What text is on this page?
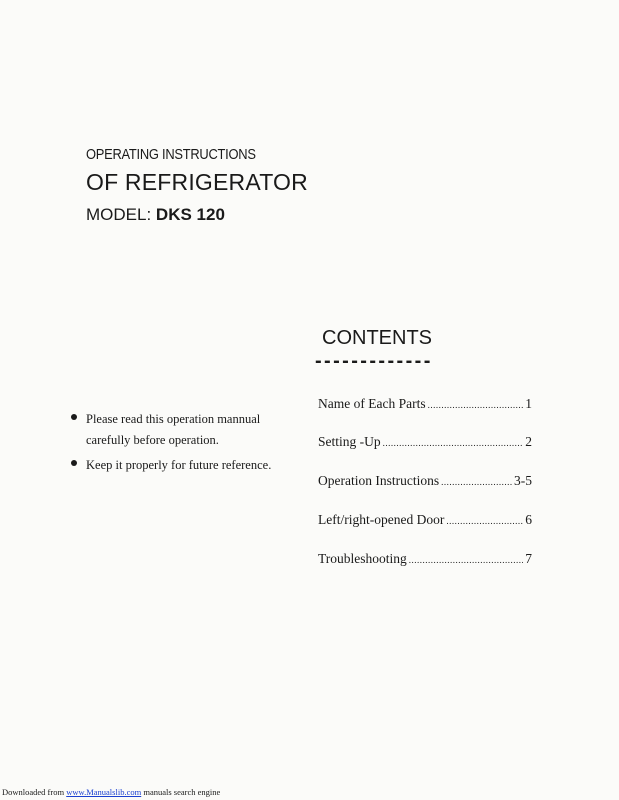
OPERATING INSTRUCTIONS
OF REFRIGERATOR
MODEL: DKS 120
CONTENTS
-------------
Please read this operation mannual
carefully before operation.
Keep it properly for future reference.
Name of Each Parts .....	1
Setting -Up .....	2
Operation Instructions .....	3-5
Left/right-opened Door .....	6
Troubleshooting .....	7
Downloaded from www.Manualslib.com manuals search engine
